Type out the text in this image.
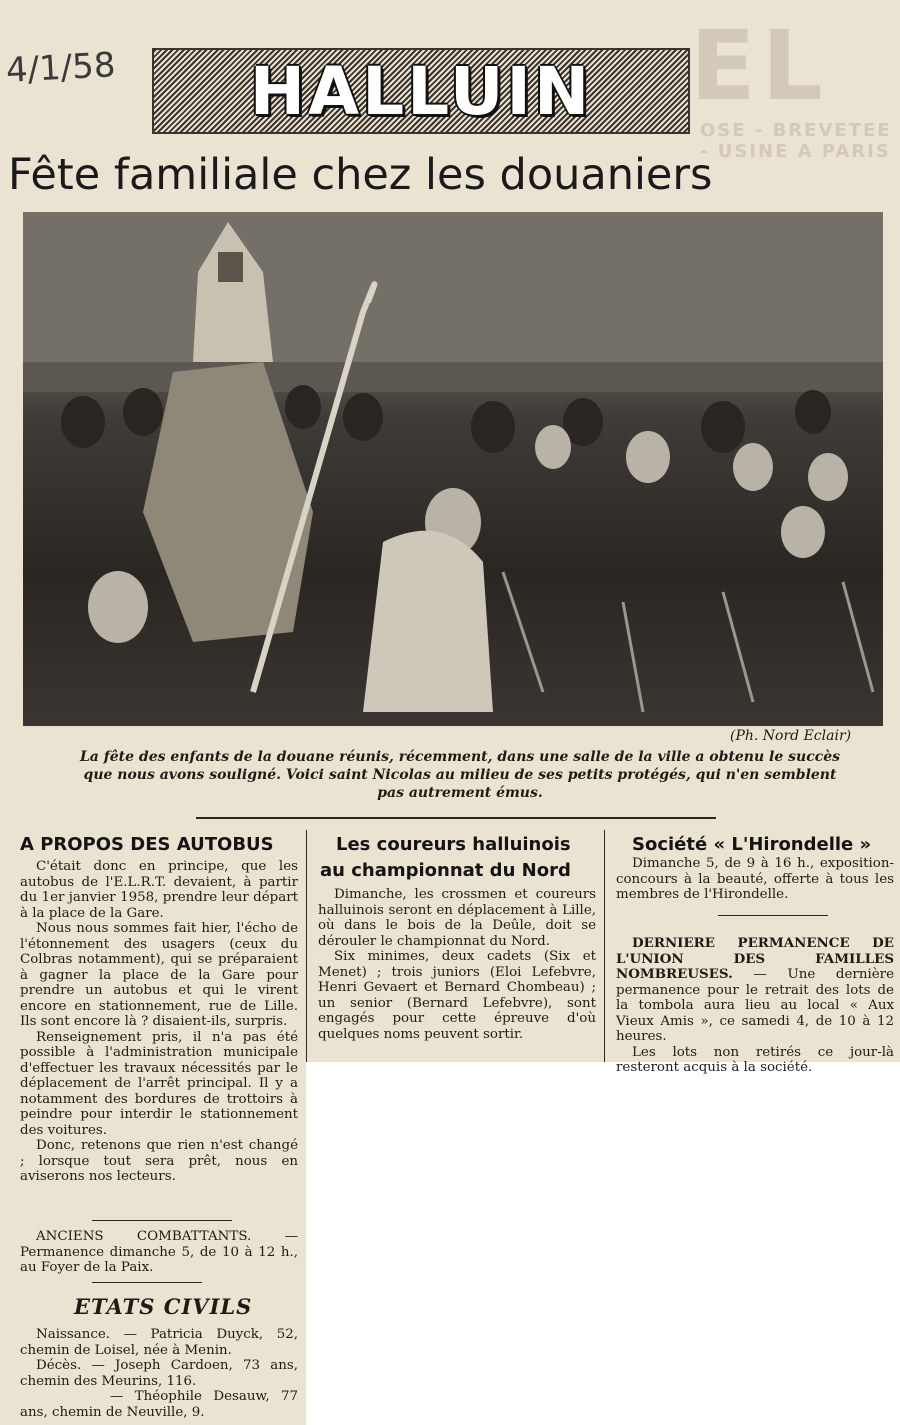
EL
OSE - BREVETEE - USINE A PARIS
4/1/58 HALLUIN
Fête familiale chez les douaniers
(Ph. Nord Eclair)
La fête des enfants de la douane réunis, récemment, dans une salle de la ville a obtenu le succès que nous avons souligné. Voici saint Nicolas au milieu de ses petits protégés, qui n'en semblent pas autrement émus.
A PROPOS DES AUTOBUS

C'était donc en principe, que les autobus de l'E.L.R.T. devaient, à partir du 1er janvier 1958, prendre leur départ à la place de la Gare.

Nous nous sommes fait hier, l'écho de l'étonnement des usagers (ceux du Colbras notamment), qui se préparaient à gagner la place de la Gare pour prendre un autobus et qui le virent encore en stationnement, rue de Lille. Ils sont encore là ? disaient-ils, surpris.

Renseignement pris, il n'a pas été possible à l'administration municipale d'effectuer les travaux nécessités par le déplacement de l'arrêt principal. Il y a notamment des bordures de trottoirs à peindre pour interdir le stationnement des voitures.

Donc, retenons que rien n'est changé ; lorsque tout sera prêt, nous en aviserons nos lecteurs.

ANCIENS COMBATTANTS. — Permanence dimanche 5, de 10 à 12 h., au Foyer de la Paix.

ETATS CIVILS

Naissance. — Patricia Duyck, 52, chemin de Loisel, née à Menin.

Décès. — Joseph Cardoen, 73 ans, chemin des Meurins, 116.

— Théophile Desauw, 77 ans, chemin de Neuville, 9.

Les coureurs halluinois
au championnat du Nord

Dimanche, les crossmen et coureurs halluinois seront en déplacement à Lille, où dans le bois de la Deûle, doit se dérouler le championnat du Nord.

Six minimes, deux cadets (Six et Menet) ; trois juniors (Eloi Lefebvre, Henri Gevaert et Bernard Chombeau) ; un senior (Bernard Lefebvre), sont engagés pour cette épreuve d'où quelques noms peuvent sortir.

Société « L'Hirondelle »

Dimanche 5, de 9 à 16 h., exposition-concours à la beauté, offerte à tous les membres de l'Hirondelle.

DERNIERE PERMANENCE DE L'UNION DES FAMILLES NOMBREUSES. — Une dernière permanence pour le retrait des lots de la tombola aura lieu au local « Aux Vieux Amis », ce samedi 4, de 10 à 12 heures.

Les lots non retirés ce jour-là resteront acquis à la société.
